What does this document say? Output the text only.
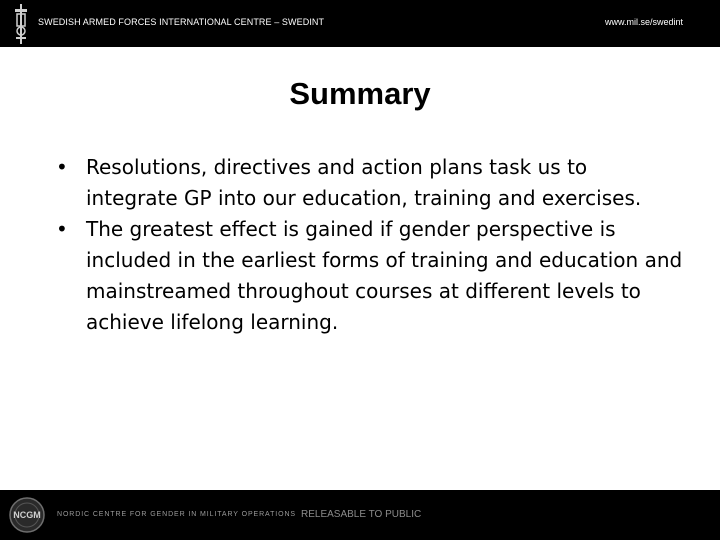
SWEDISH ARMED FORCES INTERNATIONAL CENTRE – SWEDINT	www.mil.se/swedint
Summary
• Resolutions, directives and action plans task us to integrate GP into our education, training and exercises.
• The greatest effect is gained if gender perspective is included in the earliest forms of training and education and mainstreamed throughout courses at different levels to achieve lifelong learning.
NCGM NORDIC CENTRE FOR GENDER IN MILITARY OPERATIONS RELEASABLE TO PUBLIC
